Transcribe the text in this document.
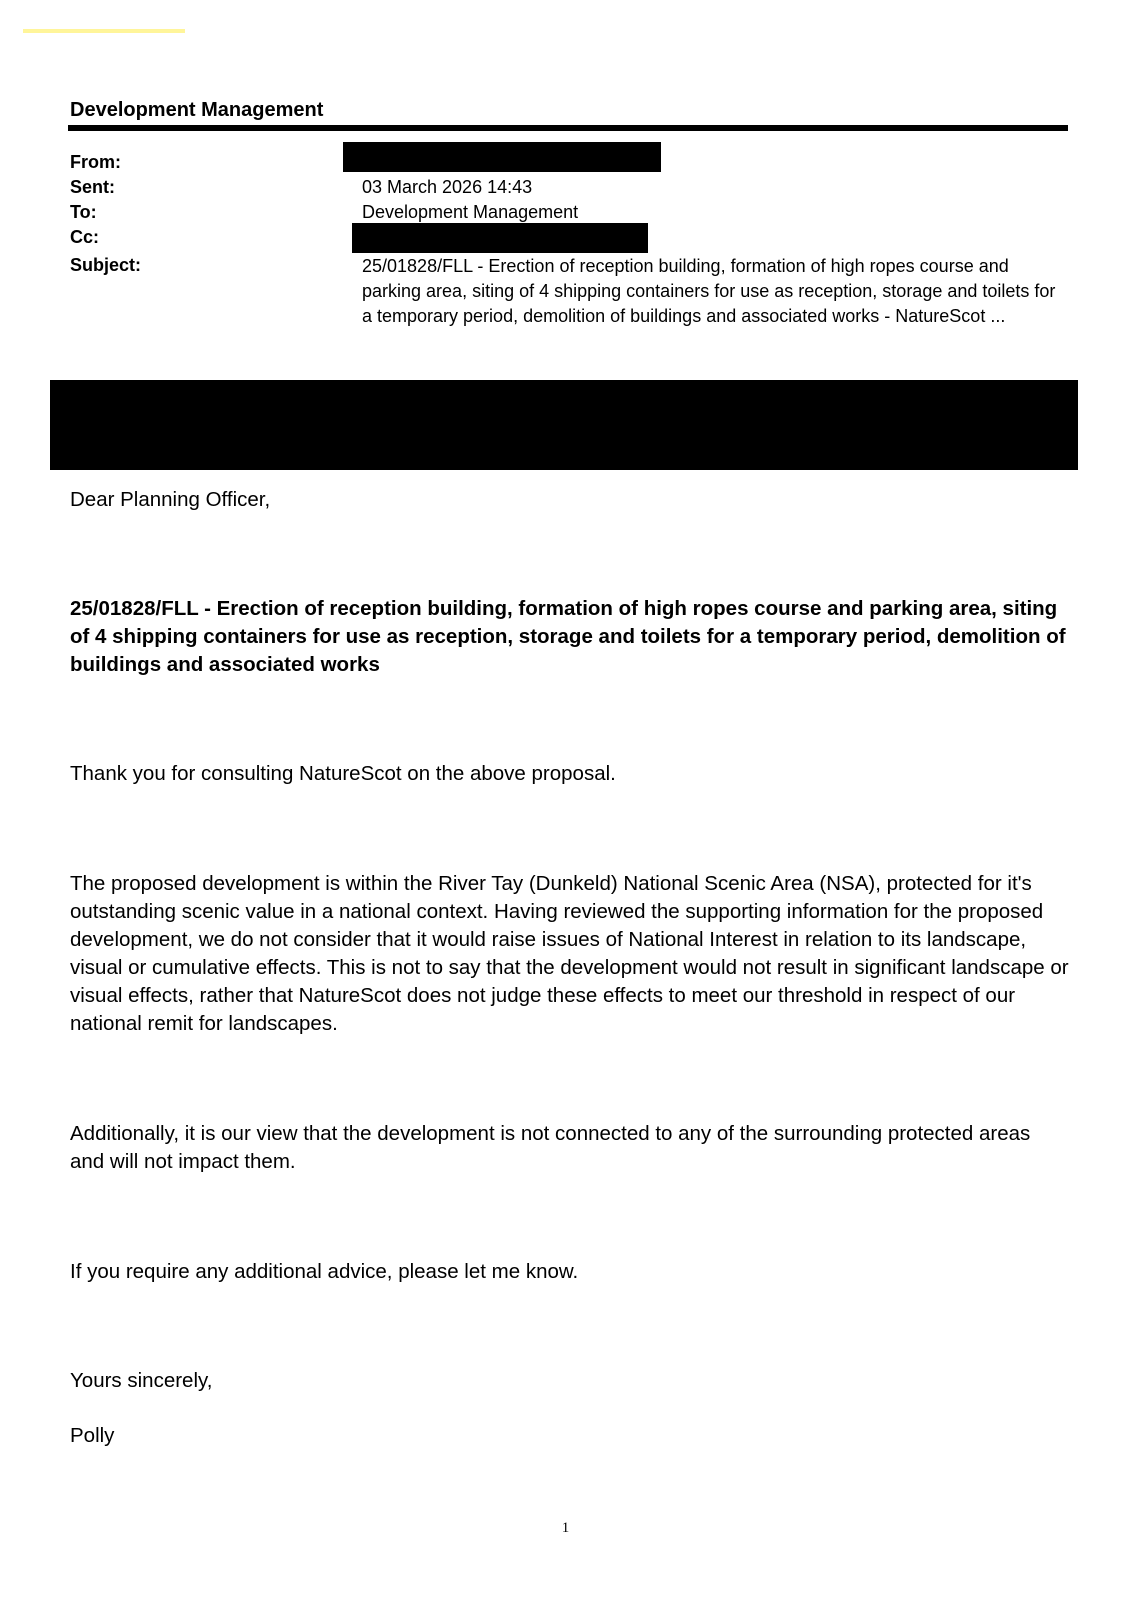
Development Management
From:
Sent:	03 March 2026 14:43
To:	Development Management
Cc:
Subject:	25/01828/FLL - Erection of reception building, formation of high ropes course and parking area, siting of 4 shipping containers for use as reception, storage and toilets for a temporary period, demolition of buildings and associated works - NatureScot ...
Dear Planning Officer,
25/01828/FLL - Erection of reception building, formation of high ropes course and parking area, siting of 4 shipping containers for use as reception, storage and toilets for a temporary period, demolition of buildings and associated works
Thank you for consulting NatureScot on the above proposal.
The proposed development is within the River Tay (Dunkeld) National Scenic Area (NSA), protected for it's outstanding scenic value in a national context. Having reviewed the supporting information for the proposed development, we do not consider that it would raise issues of National Interest in relation to its landscape, visual or cumulative effects. This is not to say that the development would not result in significant landscape or visual effects, rather that NatureScot does not judge these effects to meet our threshold in respect of our national remit for landscapes.
Additionally, it is our view that the development is not connected to any of the surrounding protected areas and will not impact them.
If you require any additional advice, please let me know.
Yours sincerely,
Polly
1
